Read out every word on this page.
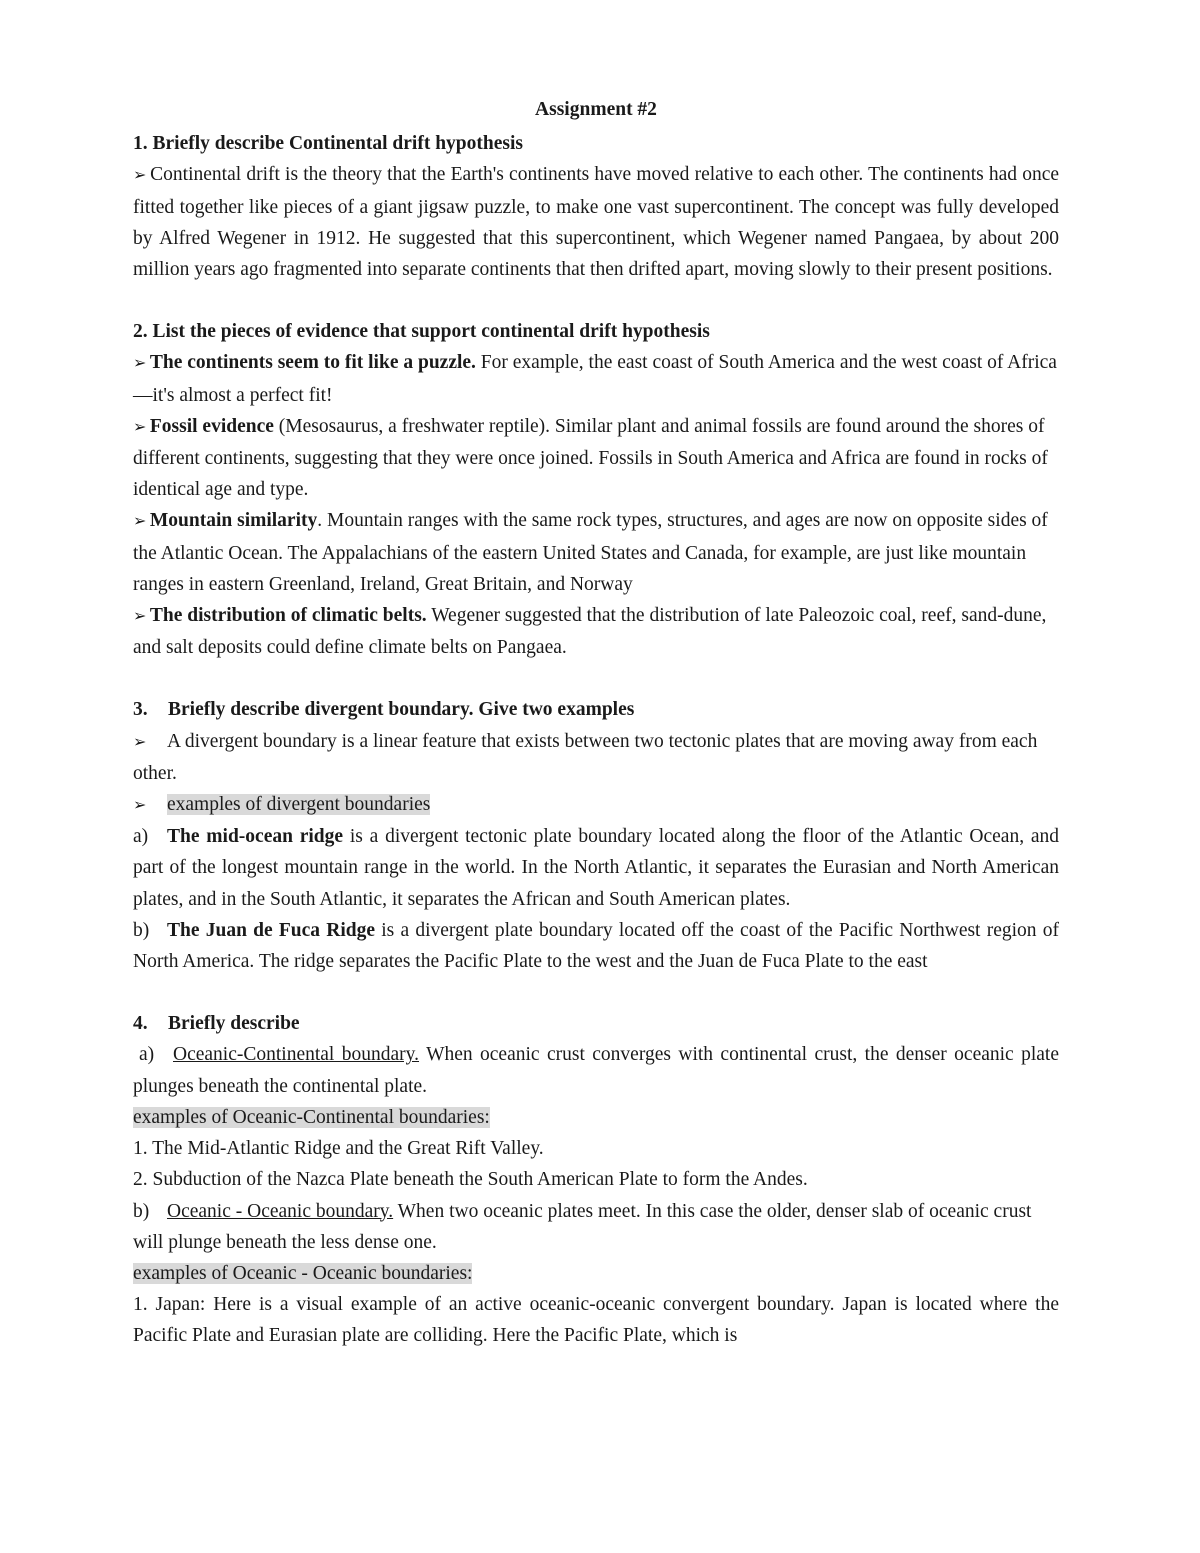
Assignment #2

1. Briefly describe Continental drift hypothesis

➢ Continental drift is the theory that the Earth's continents have moved relative to each other. The continents had once fitted together like pieces of a giant jigsaw puzzle, to make one vast supercontinent. The concept was fully developed by Alfred Wegener in 1912. He suggested that this supercontinent, which Wegener named Pangaea, by about 200 million years ago fragmented into separate continents that then drifted apart, moving slowly to their present positions.

2. List the pieces of evidence that support continental drift hypothesis

➢ The continents seem to fit like a puzzle. For example, the east coast of South America and the west coast of Africa—it's almost a perfect fit!

➢ Fossil evidence (Mesosaurus, a freshwater reptile). Similar plant and animal fossils are found around the shores of different continents, suggesting that they were once joined. Fossils in South America and Africa are found in rocks of identical age and type.

➢ Mountain similarity. Mountain ranges with the same rock types, structures, and ages are now on opposite sides of the Atlantic Ocean. The Appalachians of the eastern United States and Canada, for example, are just like mountain ranges in eastern Greenland, Ireland, Great Britain, and Norway

➢ The distribution of climatic belts. Wegener suggested that the distribution of late Paleozoic coal, reef, sand-dune, and salt deposits could define climate belts on Pangaea.

3. Briefly describe divergent boundary. Give two examples

➢ A divergent boundary is a linear feature that exists between two tectonic plates that are moving away from each other.

➢ examples of divergent boundaries

a) The mid-ocean ridge is a divergent tectonic plate boundary located along the floor of the Atlantic Ocean, and part of the longest mountain range in the world. In the North Atlantic, it separates the Eurasian and North American plates, and in the South Atlantic, it separates the African and South American plates.

b) The Juan de Fuca Ridge is a divergent plate boundary located off the coast of the Pacific Northwest region of North America. The ridge separates the Pacific Plate to the west and the Juan de Fuca Plate to the east

4. Briefly describe

a) Oceanic-Continental boundary. When oceanic crust converges with continental crust, the denser oceanic plate plunges beneath the continental plate.

examples of Oceanic-Continental boundaries:

1. The Mid-Atlantic Ridge and the Great Rift Valley.

2. Subduction of the Nazca Plate beneath the South American Plate to form the Andes.

b) Oceanic - Oceanic boundary. When two oceanic plates meet. In this case the older, denser slab of oceanic crust will plunge beneath the less dense one.

examples of Oceanic - Oceanic boundaries:

1. Japan: Here is a visual example of an active oceanic-oceanic convergent boundary. Japan is located where the Pacific Plate and Eurasian plate are colliding. Here the Pacific Plate, which is
